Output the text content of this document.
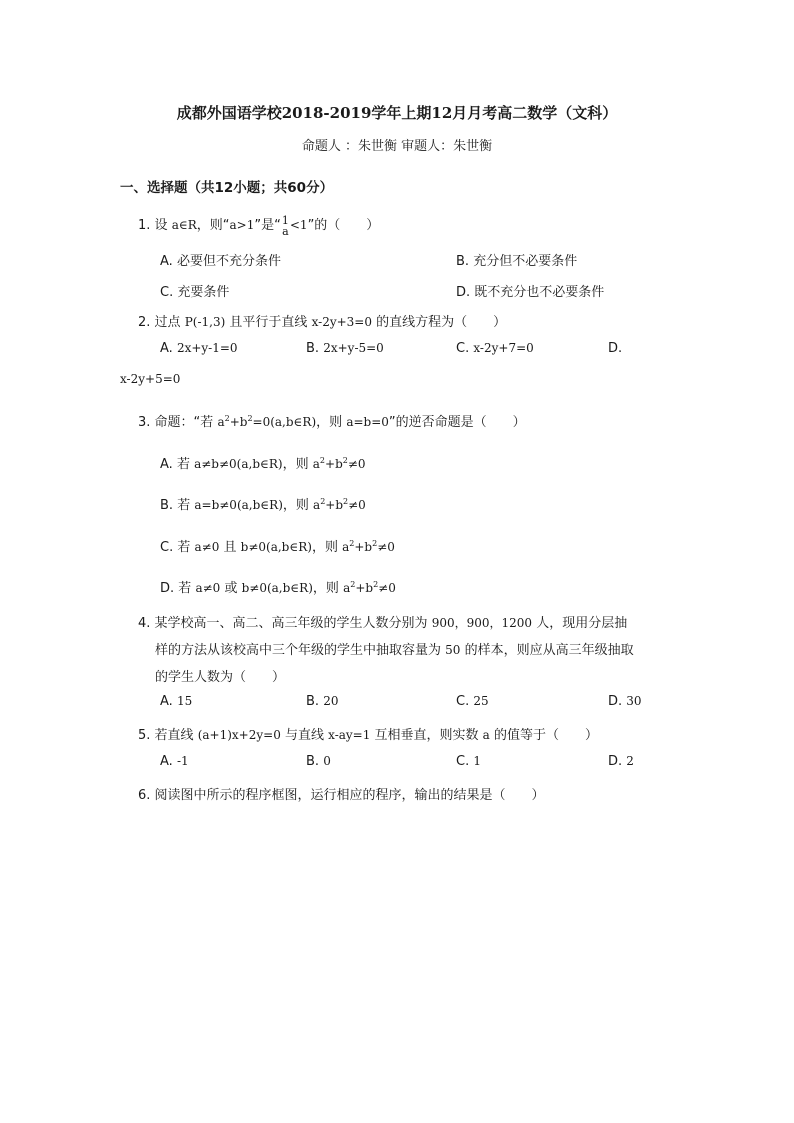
成都外国语学校2018-2019学年上期12月月考高二数学（文科）
命题人 ：朱世衡 审题人：朱世衡
一、选择题（共12小题；共60分）
1. 设 a∈R，则“a>1”是“ 1
a <1”的（　　）
A. 必要但不充分条件	B. 充分但不必要条件
C. 充要条件	D. 既不充分也不必要条件
2. 过点 P(-1,3) 且平行于直线 x-2y+3=0 的直线方程为（　　）
A. 2x+y-1=0	B. 2x+y-5=0	C. x-2y+7=0	D.
x-2y+5=0
3. 命题：“若 $a^2+b^2=0(a,b\in R)$，则 a=b=0”的逆否命题是（　　）
A. 若 a≠b≠0(a,b∈R)，则 $a^2+b^2\ne 0$
B. 若 a=b≠0(a,b∈R)，则 $a^2+b^2\ne 0$
C. 若 a≠0 且 b≠0(a,b∈R)，则 $a^2+b^2\ne 0$
D. 若 a≠0 或 b≠0(a,b∈R)，则 $a^2+b^2\ne 0$
4. 某学校高一、高二、高三年级的学生人数分别为 900，900，1200 人，现用分层抽
样的方法从该校高中三个年级的学生中抽取容量为 50 的样本，则应从高三年级抽取
的学生人数为（　　）
A. 15	B. 20	C. 25	D. 30
5. 若直线 (a+1)x+2y=0 与直线 x-ay=1 互相垂直，则实数 a 的值等于（　　）
A. -1	B. 0	C. 1	D. 2
6. 阅读图中所示的程序框图，运行相应的程序，输出的结果是（　　）
